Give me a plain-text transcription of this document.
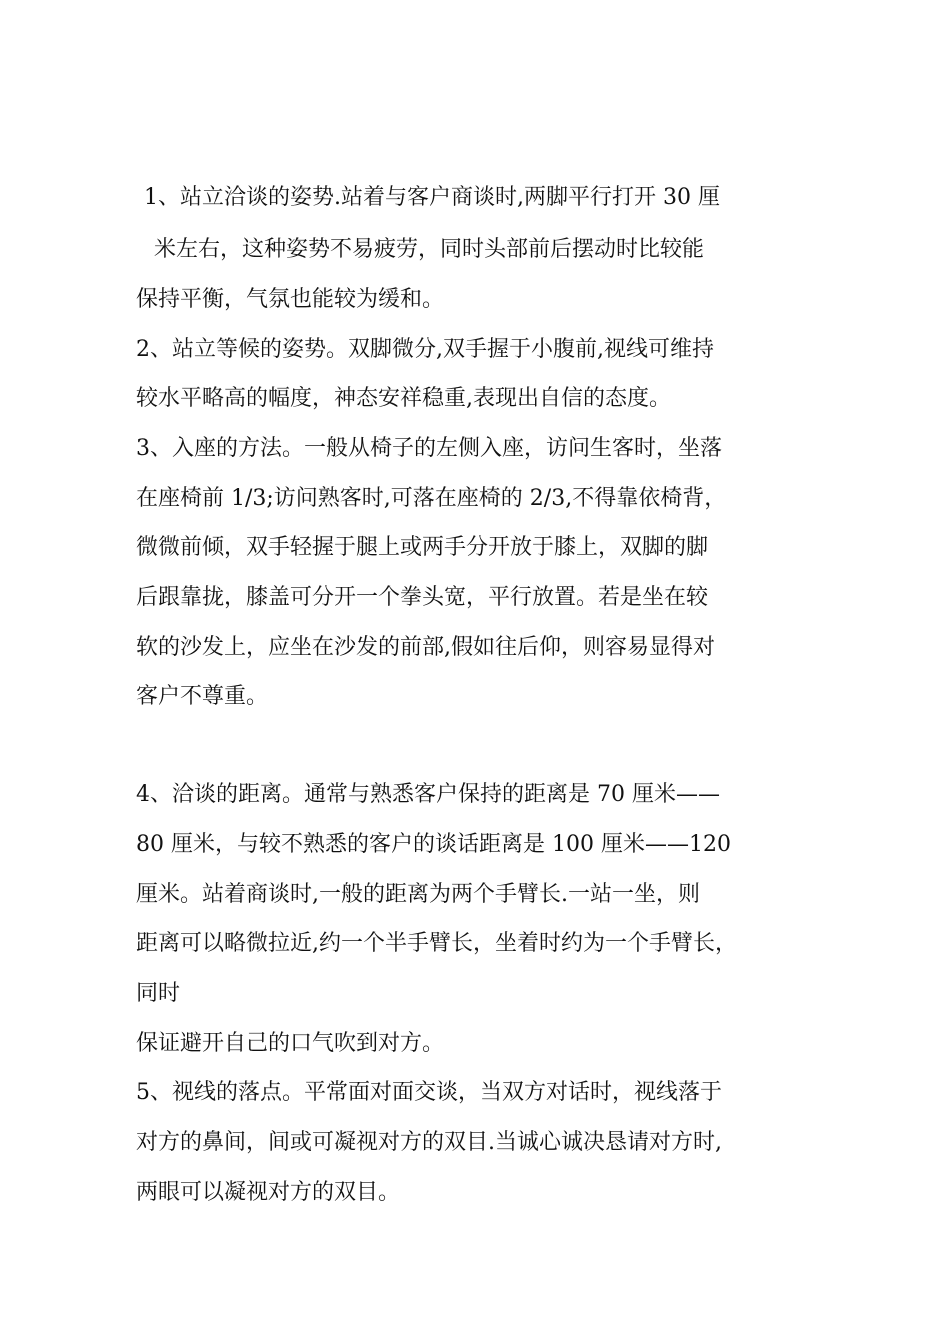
1、站立洽谈的姿势.站着与客户商谈时,两脚平行打开 30 厘
米左右，这种姿势不易疲劳，同时头部前后摆动时比较能
保持平衡，气氛也能较为缓和。
2、站立等候的姿势。双脚微分,双手握于小腹前,视线可维持
较水平略高的幅度，神态安祥稳重,表现出自信的态度。
3、入座的方法。一般从椅子的左侧入座，访问生客时，坐落
在座椅前 1/3;访问熟客时,可落在座椅的 2/3,不得靠依椅背，
微微前倾，双手轻握于腿上或两手分开放于膝上，双脚的脚
后跟靠拢，膝盖可分开一个拳头宽，平行放置。若是坐在较
软的沙发上，应坐在沙发的前部,假如往后仰，则容易显得对
客户不尊重。
4、洽谈的距离。通常与熟悉客户保持的距离是 70 厘米——
80 厘米，与较不熟悉的客户的谈话距离是 100 厘米——120
厘米。站着商谈时,一般的距离为两个手臂长.一站一坐，则
距离可以略微拉近,约一个半手臂长，坐着时约为一个手臂长，
同时
保证避开自己的口气吹到对方。
5、视线的落点。平常面对面交谈，当双方对话时，视线落于
对方的鼻间，间或可凝视对方的双目.当诚心诚决恳请对方时,
两眼可以凝视对方的双目。
